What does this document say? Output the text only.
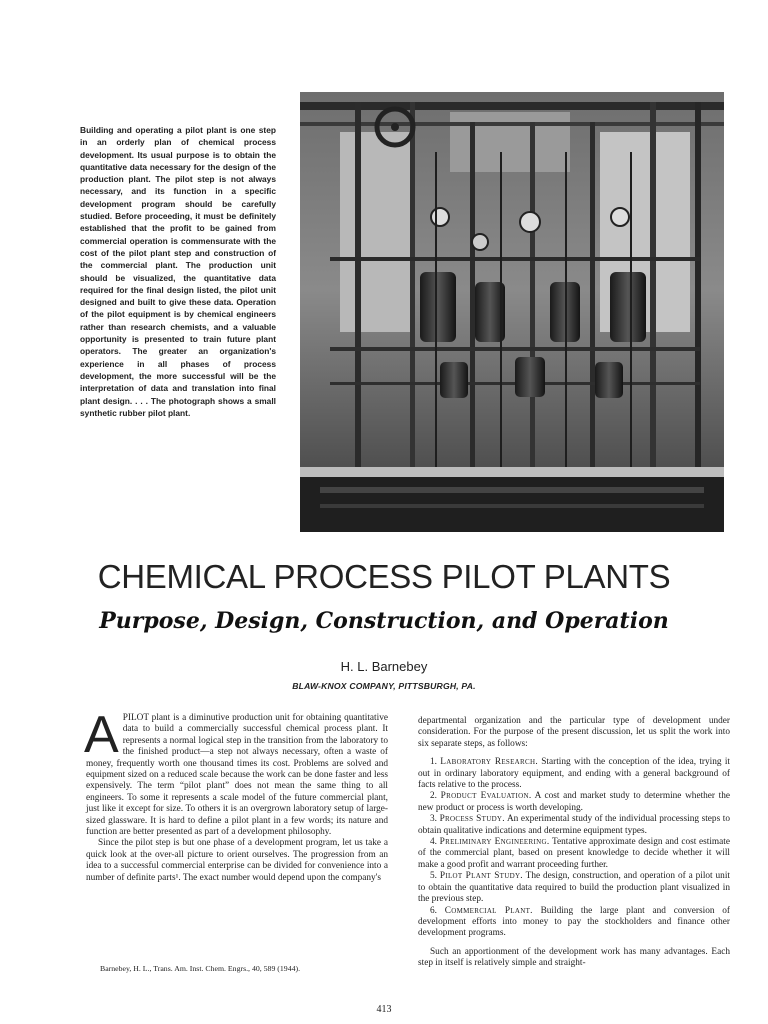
Building and operating a pilot plant is one step in an orderly plan of chemical process development. Its usual purpose is to obtain the quantitative data necessary for the design of the production plant. The pilot step is not always necessary, and its function in a specific development program should be carefully studied. Before proceeding, it must be definitely established that the profit to be gained from commercial operation is commensurate with the cost of the pilot plant step and construction of the commercial plant. The production unit should be visualized, the quantitative data required for the final design listed, the pilot unit designed and built to give these data. Operation of the pilot equipment is by chemical engineers rather than research chemists, and a valuable opportunity is presented to train future plant operators. The greater an organization's experience in all phases of process development, the more successful will be the interpretation of data and translation into final plant design. . . . The photograph shows a small synthetic rubber pilot plant.
CHEMICAL PROCESS PILOT PLANTS
Purpose, Design, Construction, and Operation
H. L. Barnebey
BLAW-KNOX COMPANY, PITTSBURGH, PA.

APILOT plant is a diminutive production unit for obtaining quantitative data to build a commercially successful chemical process plant. It represents a normal logical step in the transition from the laboratory to the finished product—a step not always necessary, often a waste of money, frequently worth one thousand times its cost. Problems are solved and equipment sized on a reduced scale because the work can be done faster and less expensively. The term “pilot plant” does not mean the same thing to all engineers. To some it represents a scale model of the future commercial plant, just like it except for size. To others it is an overgrown laboratory setup of large-sized glassware. It is hard to define a pilot plant in a few words; its nature and function are better presented as part of a development philosophy.

Since the pilot step is but one phase of a development program, let us take a quick look at the over-all picture to orient ourselves. The progression from an idea to a successful commercial enterprise can be divided for convenience into a number of definite parts¹. The exact number would depend upon the company's

departmental organization and the particular type of development under consideration. For the purpose of the present discussion, let us split the work into six separate steps, as follows:

1. Laboratory Research. Starting with the conception of the idea, trying it out in ordinary laboratory equipment, and ending with a general background of facts relative to the process.

2. Product Evaluation. A cost and market study to determine whether the new product or process is worth developing.

3. Process Study. An experimental study of the individual processing steps to obtain qualitative indications and determine equipment types.

4. Preliminary Engineering. Tentative approximate design and cost estimate of the commercial plant, based on present knowledge to decide whether it will make a good profit and warrant proceeding further.

5. Pilot Plant Study. The design, construction, and operation of a pilot unit to obtain the quantitative data required to build the production plant visualized in the previous step.

6. Commercial Plant. Building the large plant and conversion of development efforts into money to pay the stockholders and finance other development programs.

Such an apportionment of the development work has many advantages. Each step in itself is relatively simple and straight-

Barnebey, H. L., Trans. Am. Inst. Chem. Engrs., 40, 589 (1944).
413
